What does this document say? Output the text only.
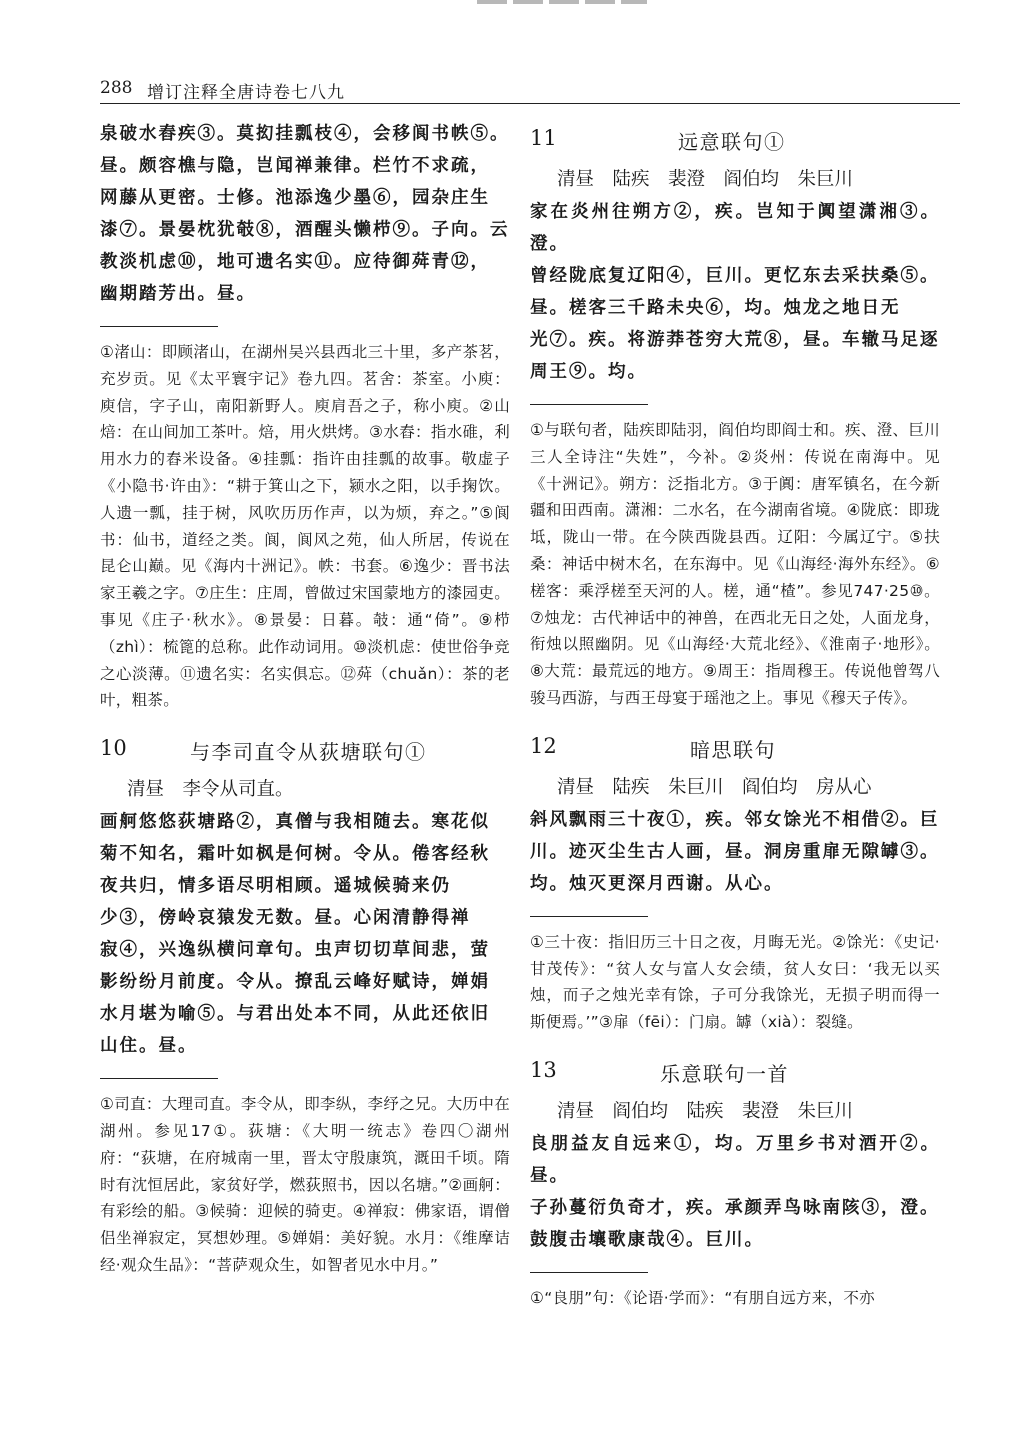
288 增订注释全唐诗卷七八九
泉破水舂疾③。莫抝挂瓢枝④，会移阆书帙⑤。
昼。颇容樵与隐，岂闻禅兼律。栏竹不求疏，
网藤从更密。士修。池添逸少墨⑥，园杂庄生
漆⑦。景晏枕犹攲⑧，酒醒头懒栉⑨。子向。云
教淡机虑⑩，地可遗名实⑪。应待御荈青⑫，
幽期踏芳出。昼。

①渚山：即顾渚山，在湖州吴兴县西北三十里，多产茶茗，充岁贡。见《太平寰宇记》卷九四。茗舍：茶室。小庾：庾信，字子山，南阳新野人。庾肩吾之子，称小庾。②山焙：在山间加工茶叶。焙，用火烘烤。③水舂：指水碓，利用水力的舂米设备。④挂瓢：指许由挂瓢的故事。敬虚子《小隐书·许由》：“耕于箕山之下，颍水之阳，以手掬饮。人遗一瓢，挂于树，风吹历历作声，以为烦，弃之。”⑤阆书：仙书，道经之类。阆，阆风之苑，仙人所居，传说在昆仑山巅。见《海内十洲记》。帙：书套。⑥逸少：晋书法家王羲之字。⑦庄生：庄周，曾做过宋国蒙地方的漆园吏。事见《庄子·秋水》。⑧景晏：日暮。攲：通“倚”。⑨栉（zhì）：梳篦的总称。此作动词用。⑩淡机虑：使世俗争竞之心淡薄。⑪遗名实：名实俱忘。⑫荈（chuǎn）：茶的老叶，粗茶。

10	与李司直令从荻塘联句①
清昼　李令从司直。
画舸悠悠荻塘路②，真僧与我相随去。寒花似
菊不知名，霜叶如枫是何树。令从。倦客经秋
夜共归，情多语尽明相顾。遥城候骑来仍
少③，傍岭哀猿发无数。昼。心闲清静得禅
寂④，兴逸纵横问章句。虫声切切草间悲，萤
影纷纷月前度。令从。撩乱云峰好赋诗，婵娟
水月堪为喻⑤。与君出处本不同，从此还依旧
山住。昼。

①司直：大理司直。李令从，即李纵，李纾之兄。大历中在湖州。参见17①。荻塘：《大明一统志》卷四〇湖州府：“荻塘，在府城南一里，晋太守殷康筑，溉田千顷。隋时有沈恒居此，家贫好学，燃荻照书，因以名塘。”②画舸：有彩绘的船。③候骑：迎候的骑吏。④禅寂：佛家语，谓僧侣坐禅寂定，冥想妙理。⑤婵娟：美好貌。水月：《维摩诘经·观众生品》：“菩萨观众生，如智者见水中月。”

11	远意联句①
清昼　陆疾　裴澄　阎伯均　朱巨川
家在炎州往朔方②，疾。岂知于阗望潇湘③。澄。
曾经陇底复辽阳④，巨川。更忆东去采扶桑⑤。
昼。槎客三千路未央⑥，均。烛龙之地日无
光⑦。疾。将游莽苍穷大荒⑧，昼。车辙马足逐
周王⑨。均。

①与联句者，陆疾即陆羽，阎伯均即阎士和。疾、澄、巨川三人全诗注“失姓”，今补。②炎州：传说在南海中。见《十洲记》。朔方：泛指北方。③于阗：唐军镇名，在今新疆和田西南。潇湘：二水名，在今湖南省境。④陇底：即珑坻，陇山一带。在今陕西陇县西。辽阳：今属辽宁。⑤扶桑：神话中树木名，在东海中。见《山海经·海外东经》。⑥槎客：乘浮槎至天河的人。槎，通“楂”。参见747·25⑩。⑦烛龙：古代神话中的神兽，在西北无日之处，人面龙身，衔烛以照幽阴。见《山海经·大荒北经》、《淮南子·地形》。⑧大荒：最荒远的地方。⑨周王：指周穆王。传说他曾驾八骏马西游，与西王母宴于瑶池之上。事见《穆天子传》。

12	暗思联句
清昼　陆疾　朱巨川　阎伯均　房从心
斜风飘雨三十夜①，疾。邻女馀光不相借②。巨
川。迹灭尘生古人画，昼。洞房重扉无隙罅③。
均。烛灭更深月西谢。从心。

①三十夜：指旧历三十日之夜，月晦无光。②馀光：《史记·甘茂传》：“贫人女与富人女会绩，贫人女曰：‘我无以买烛，而子之烛光幸有馀，子可分我馀光，无损子明而得一斯便焉。’”③扉（fēi）：门扇。罅（xià）：裂缝。

13	乐意联句一首
清昼　阎伯均　陆疾　裴澄　朱巨川
良朋益友自远来①，均。万里乡书对酒开②。昼。
子孙蔓衍负奇才，疾。承颜弄鸟咏南陔③，澄。
鼓腹击壤歌康哉④。巨川。

①“良朋”句：《论语·学而》：“有朋自远方来，不亦
